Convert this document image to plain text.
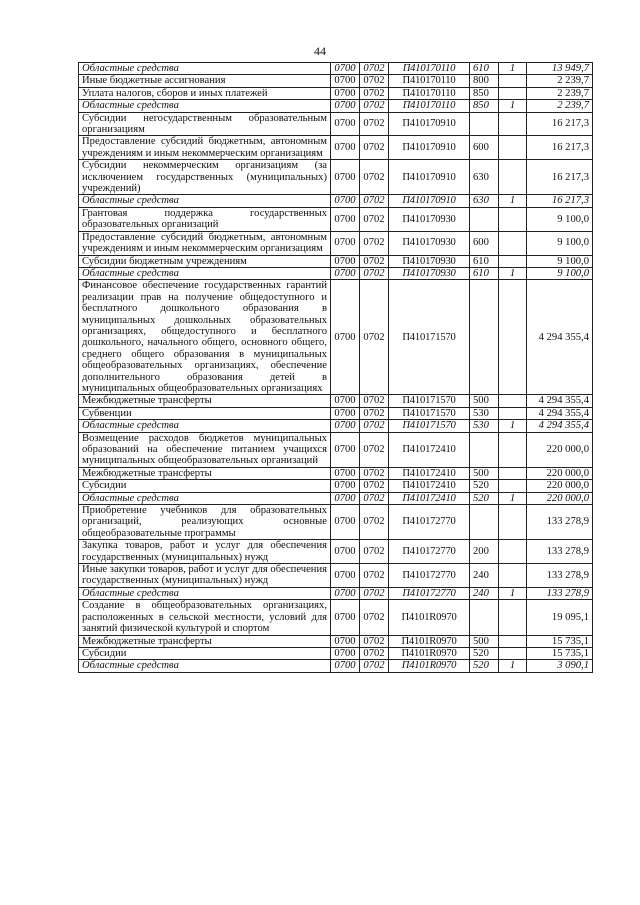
44
Областные средства	0700	0702	П410170110	610	1	13 949,7
Иные бюджетные ассигнования	0700	0702	П410170110	800		2 239,7
Уплата налогов, сборов и иных платежей	0700	0702	П410170110	850		2 239,7
Областные средства	0700	0702	П410170110	850	1	2 239,7
Субсидии негосударственным образовательным организациям	0700	0702	П410170910			16 217,3
Предоставление субсидий бюджетным, автономным учреждениям и иным некоммерческим организациям	0700	0702	П410170910	600		16 217,3
Субсидии некоммерческим организациям (за исключением государственных (муниципальных) учреждений)	0700	0702	П410170910	630		16 217,3
Областные средства	0700	0702	П410170910	630	1	16 217,3
Грантовая поддержка государственных образовательных организаций	0700	0702	П410170930			9 100,0
Предоставление субсидий бюджетным, автономным учреждениям и иным некоммерческим организациям	0700	0702	П410170930	600		9 100,0
Субсидии бюджетным учреждениям	0700	0702	П410170930	610		9 100,0
Областные средства	0700	0702	П410170930	610	1	9 100,0
Финансовое обеспечение государственных гарантий реализации прав на получение общедоступного и бесплатного дошкольного образования в муниципальных дошкольных образовательных организациях, общедоступного и бесплатного дошкольного, начального общего, основного общего, среднего общего образования в муниципальных общеобразовательных организациях, обеспечение дополнительного образования детей в муниципальных общеобразовательных организациях	0700	0702	П410171570			4 294 355,4
Межбюджетные трансферты	0700	0702	П410171570	500		4 294 355,4
Субвенции	0700	0702	П410171570	530		4 294 355,4
Областные средства	0700	0702	П410171570	530	1	4 294 355,4
Возмещение расходов бюджетов муниципальных образований на обеспечение питанием учащихся муниципальных общеобразовательных организаций	0700	0702	П410172410			220 000,0
Межбюджетные трансферты	0700	0702	П410172410	500		220 000,0
Субсидии	0700	0702	П410172410	520		220 000,0
Областные средства	0700	0702	П410172410	520	1	220 000,0
Приобретение учебников для образовательных организаций, реализующих основные общеобразовательные программы	0700	0702	П410172770			133 278,9
Закупка товаров, работ и услуг для обеспечения государственных (муниципальных) нужд	0700	0702	П410172770	200		133 278,9
Иные закупки товаров, работ и услуг для обеспечения государственных (муниципальных) нужд	0700	0702	П410172770	240		133 278,9
Областные средства	0700	0702	П410172770	240	1	133 278,9
Создание в общеобразовательных организациях, расположенных в сельской местности, условий для занятий физической культурой и спортом	0700	0702	П4101R0970			19 095,1
Межбюджетные трансферты	0700	0702	П4101R0970	500		15 735,1
Субсидии	0700	0702	П4101R0970	520		15 735,1
Областные средства	0700	0702	П4101R0970	520	1	3 090,1
